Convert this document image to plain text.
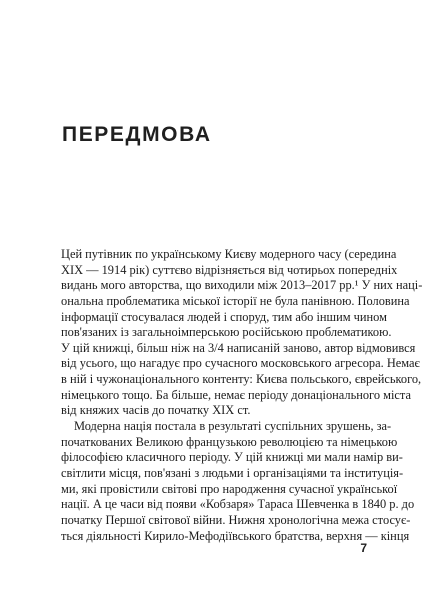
ПЕРЕДМОВА
Цей путівник по українському Києву модерного часу (середина
XIX — 1914 рік) суттєво відрізняється від чотирьох попередніх
видань мого авторства, що виходили між 2013–2017 рр.¹ У них наці-
ональна проблематика міської історії не була панівною. Половина
інформації стосувалася людей і споруд, тим або іншим чином
пов'язаних із загальноімперською російською проблематикою.
У цій книжці, більш ніж на 3/4 написаній заново, автор відмовився
від усього, що нагадує про сучасного московського агресора. Немає
в ній і чужонаціонального контенту: Києва польського, єврейського,
німецького тощо. Ба більше, немає періоду донаціонального міста
від княжих часів до початку XIX ст.
Модерна нація постала в результаті суспільних зрушень, за-
початкованих Великою французькою революцією та німецькою
філософією класичного періоду. У цій книжці ми мали намір ви-
світлити місця, пов'язані з людьми і організаціями та інституція-
ми, які провістили світові про народження сучасної української
нації. А це часи від появи «Кобзаря» Тараса Шевченка в 1840 р. до
початку Першої світової війни. Нижня хронологічна межа стосує-
ться діяльності Кирило-Мефодіївського братства, верхня — кінця
7
